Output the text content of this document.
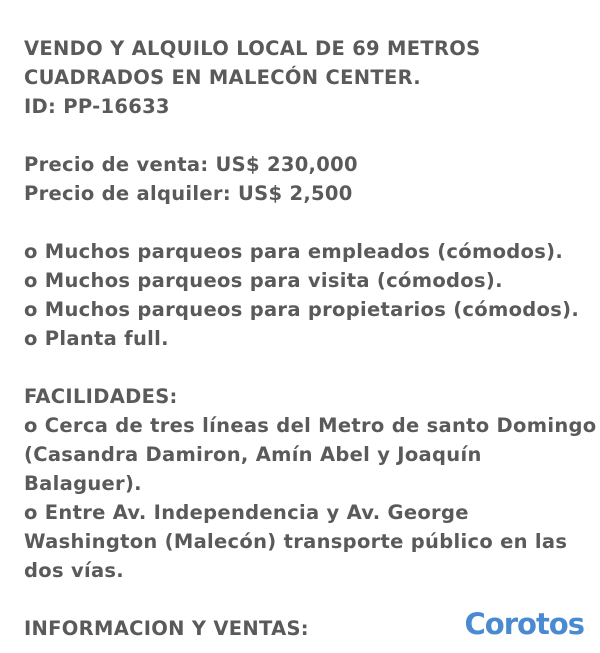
VENDO Y ALQUILO LOCAL DE 69 METROS
CUADRADOS EN MALECÓN CENTER.
ID: PP-16633
Precio de venta: US$ 230,000
Precio de alquiler: US$ 2,500
o Muchos parqueos para empleados (cómodos).
o Muchos parqueos para visita (cómodos).
o Muchos parqueos para propietarios (cómodos).
o Planta full.
FACILIDADES:
o Cerca de tres líneas del Metro de santo Domingo
(Casandra Damiron, Amín Abel y Joaquín
Balaguer).
o Entre Av. Independencia y Av. George
Washington (Malecón) transporte público en las
dos vías.
INFORMACION Y VENTAS:	Corotos
